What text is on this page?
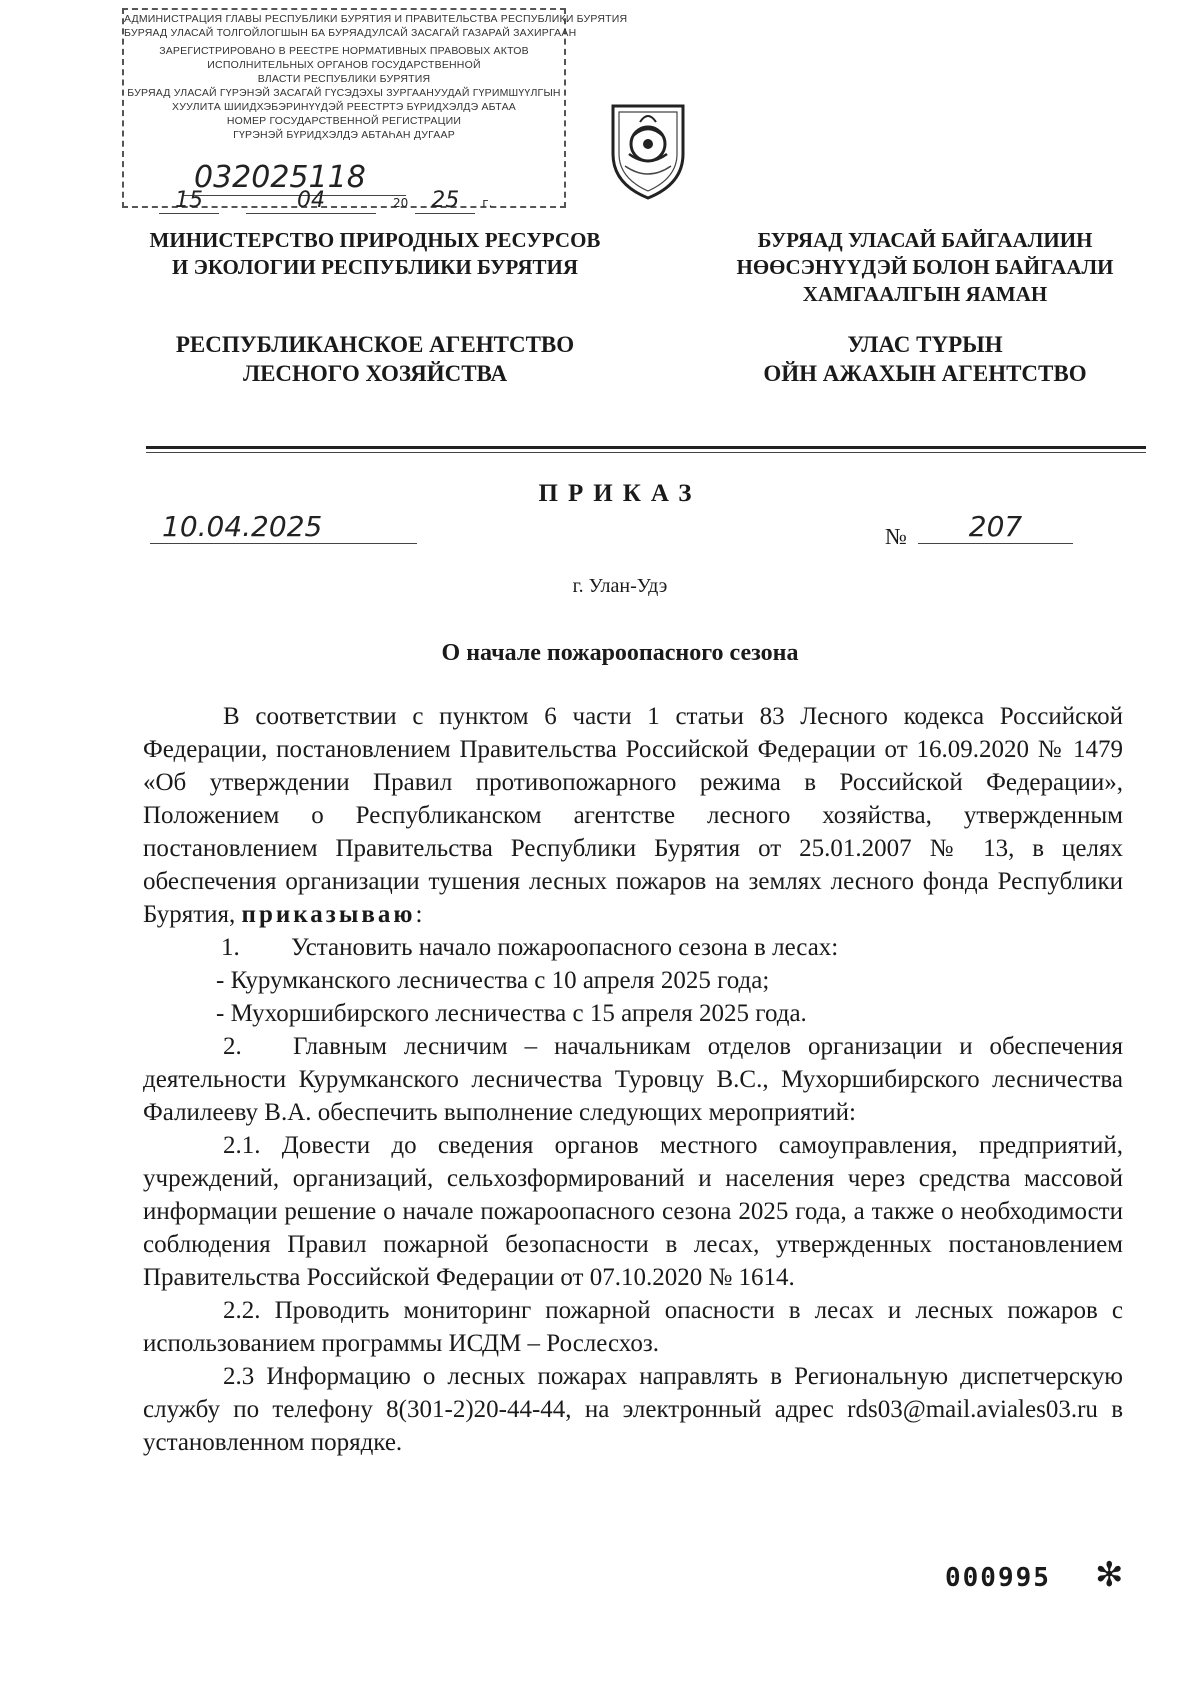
АДМИНИСТРАЦИЯ ГЛАВЫ РЕСПУБЛИКИ БУРЯТИЯ И ПРАВИТЕЛЬСТВА РЕСПУБЛИКИ БУРЯТИЯ
БУРЯАД УЛАСАЙ ТОЛГОЙЛОГШЫН БА БУРЯАДУЛСАЙ ЗАСАГАЙ ГАЗАРАЙ ЗАХИРГААН
ЗАРЕГИСТРИРОВАНО В РЕЕСТРЕ НОРМАТИВНЫХ ПРАВОВЫХ АКТОВ
ИСПОЛНИТЕЛЬНЫХ ОРГАНОВ ГОСУДАРСТВЕННОЙ
ВЛАСТИ РЕСПУБЛИКИ БУРЯТИЯ
БУРЯАД УЛАСАЙ ГҮРЭНЭЙ ЗАСАГАЙ ГҮСЭДЭХЫ ЗУРГААНУУДАЙ ГҮРИМШҮҮЛГЫН
ХУУЛИТА ШИИДХЭБЭРИНҮҮДЭЙ РЕЕСТРТЭ БҮРИДХЭЛДЭ АБТАА
НОМЕР ГОСУДАРСТВЕННОЙ РЕГИСТРАЦИИ
ГҮРЭНЭЙ БҮРИДХЭЛДЭ АБТАҺАН ДУГААР
032025118
15	04	20 25 г.
МИНИСТЕРСТВО ПРИРОДНЫХ РЕСУРСОВ
И ЭКОЛОГИИ РЕСПУБЛИКИ БУРЯТИЯ
РЕСПУБЛИКАНСКОЕ АГЕНТСТВО
ЛЕСНОГО ХОЗЯЙСТВА
БУРЯАД УЛАСАЙ БАЙГААЛИИН
НӨӨСЭНҮҮДЭЙ БОЛОН БАЙГААЛИ
ХАМГААЛГЫН ЯАМАН
УЛАС ТҮРЫН
ОЙН АЖАХЫН АГЕНТСТВО
ПРИКАЗ
10.04.2025	№	207
г. Улан-Удэ
О начале пожароопасного сезона

В соответствии с пунктом 6 части 1 статьи 83 Лесного кодекса Российской Федерации, постановлением Правительства Российской Федерации от 16.09.2020 № 1479 «Об утверждении Правил противопожарного режима в Российской Федерации», Положением о Республиканском агентстве лесного хозяйства, утвержденным постановлением Правительства Республики Бурятия от 25.01.2007 № 13, в целях обеспечения организации тушения лесных пожаров на землях лесного фонда Республики Бурятия, приказываю:

1. Установить начало пожароопасного сезона в лесах:

- Курумканского лесничества с 10 апреля 2025 года;

- Мухоршибирского лесничества с 15 апреля 2025 года.

2. Главным лесничим – начальникам отделов организации и обеспечения деятельности Курумканского лесничества Туровцу В.С., Мухоршибирского лесничества Фалилееву В.А. обеспечить выполнение следующих мероприятий:

2.1. Довести до сведения органов местного самоуправления, предприятий, учреждений, организаций, сельхозформирований и населения через средства массовой информации решение о начале пожароопасного сезона 2025 года, а также о необходимости соблюдения Правил пожарной безопасности в лесах, утвержденных постановлением Правительства Российской Федерации от 07.10.2020 № 1614.

2.2. Проводить мониторинг пожарной опасности в лесах и лесных пожаров с использованием программы ИСДМ – Рослесхоз.

2.3 Информацию о лесных пожарах направлять в Региональную диспетчерскую службу по телефону 8(301-2)20-44-44, на электронный адрес rds03@mail.aviales03.ru в установленном порядке.

000995 ✻
